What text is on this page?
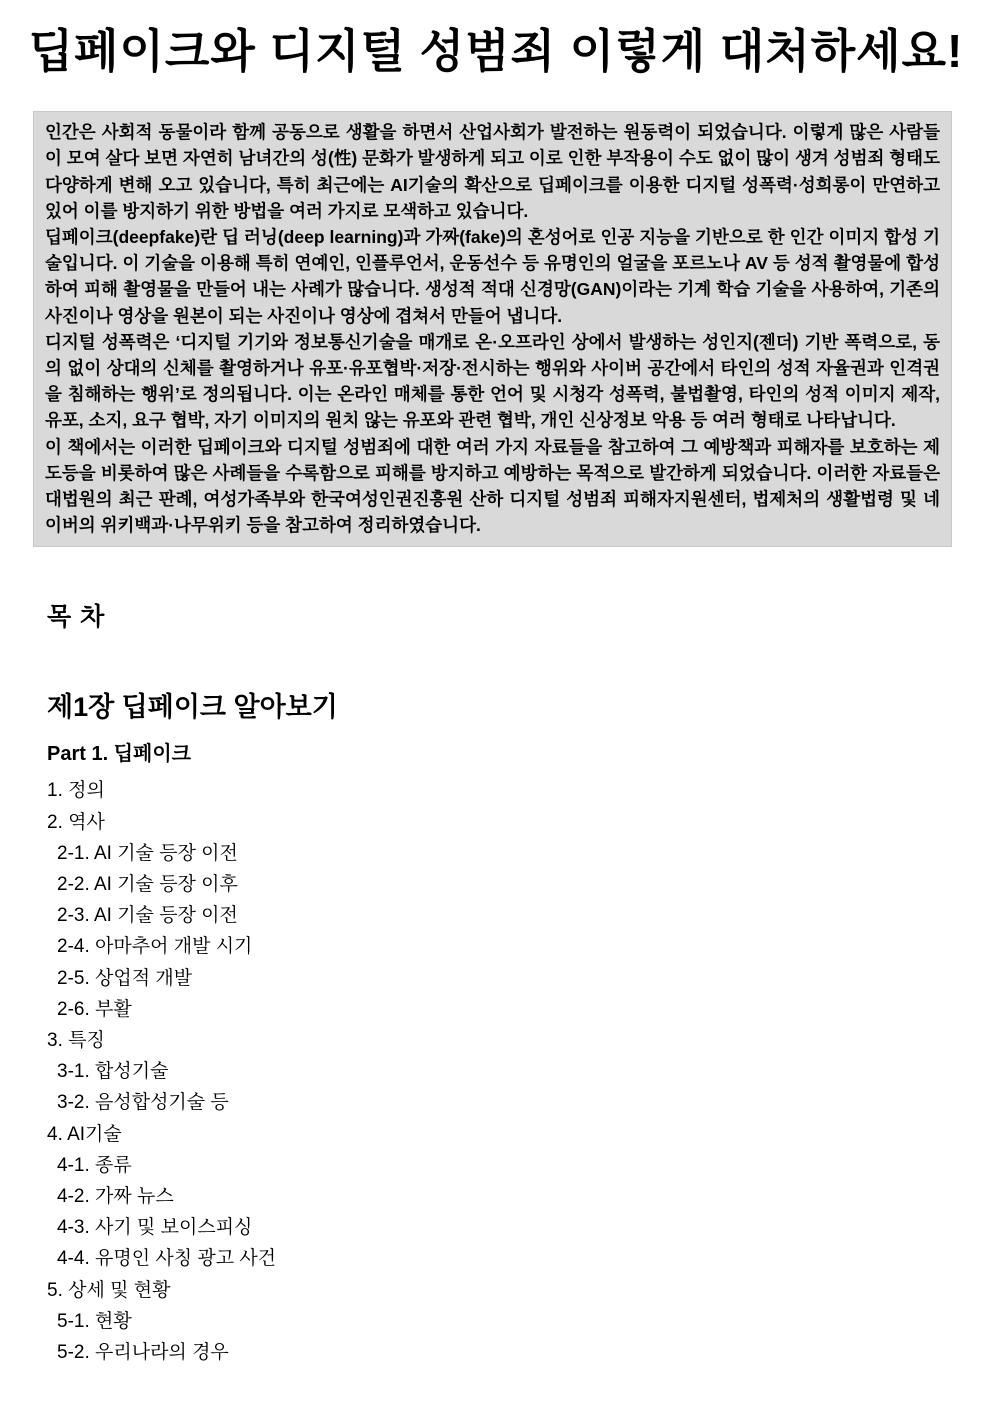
딥페이크와 디지털 성범죄 이렇게 대처하세요!

인간은 사회적 동물이라 함께 공동으로 생활을 하면서 산업사회가 발전하는 원동력이 되었습니다. 이렇게 많은 사람들이 모여 살다 보면 자연히 남녀간의 성(性) 문화가 발생하게 되고 이로 인한 부작용이 수도 없이 많이 생겨 성범죄 형태도 다양하게 변해 오고 있습니다, 특히 최근에는 AI기술의 확산으로 딥페이크를 이용한 디지털 성폭력·성희롱이 만연하고 있어 이를 방지하기 위한 방법을 여러 가지로 모색하고 있습니다.

딥페이크(deepfake)란 딥 러닝(deep learning)과 가짜(fake)의 혼성어로 인공 지능을 기반으로 한 인간 이미지 합성 기술입니다. 이 기술을 이용해 특히 연예인, 인플루언서, 운동선수 등 유명인의 얼굴을 포르노나 AV 등 성적 촬영물에 합성하여 피해 촬영물을 만들어 내는 사례가 많습니다. 생성적 적대 신경망(GAN)이라는 기계 학습 기술을 사용하여, 기존의 사진이나 영상을 원본이 되는 사진이나 영상에 겹쳐서 만들어 냅니다.

디지털 성폭력은 ‘디지털 기기와 정보통신기술을 매개로 온·오프라인 상에서 발생하는 성인지(젠더) 기반 폭력으로, 동의 없이 상대의 신체를 촬영하거나 유포·유포협박·저장·전시하는 행위와 사이버 공간에서 타인의 성적 자율권과 인격권을 침해하는 행위’로 정의됩니다. 이는 온라인 매체를 통한 언어 및 시청각 성폭력, 불법촬영, 타인의 성적 이미지 제작, 유포, 소지, 요구 협박, 자기 이미지의 원치 않는 유포와 관련 협박, 개인 신상정보 악용 등 여러 형태로 나타납니다.

이 책에서는 이러한 딥페이크와 디지털 성범죄에 대한 여러 가지 자료들을 참고하여 그 예방책과 피해자를 보호하는 제도등을 비롯하여 많은 사례들을 수록함으로 피해를 방지하고 예방하는 목적으로 발간하게 되었습니다. 이러한 자료들은 대법원의 최근 판례, 여성가족부와 한국여성인권진흥원 산하 디지털 성범죄 피해자지원센터, 법제처의 생활법령 및 네이버의 위키백과·나무위키 등을 참고하여 정리하였습니다.

목 차
제1장 딥페이크 알아보기
Part 1. 딥페이크
1. 정의
2. 역사
2-1. AI 기술 등장 이전
2-2. AI 기술 등장 이후
2-3. AI 기술 등장 이전
2-4. 아마추어 개발 시기
2-5. 상업적 개발
2-6. 부활
3. 특징
3-1. 합성기술
3-2. 음성합성기술 등
4. AI기술
4-1. 종류
4-2. 가짜 뉴스
4-3. 사기 및 보이스피싱
4-4. 유명인 사칭 광고 사건
5. 상세 및 현황
5-1. 현황
5-2. 우리나라의 경우
